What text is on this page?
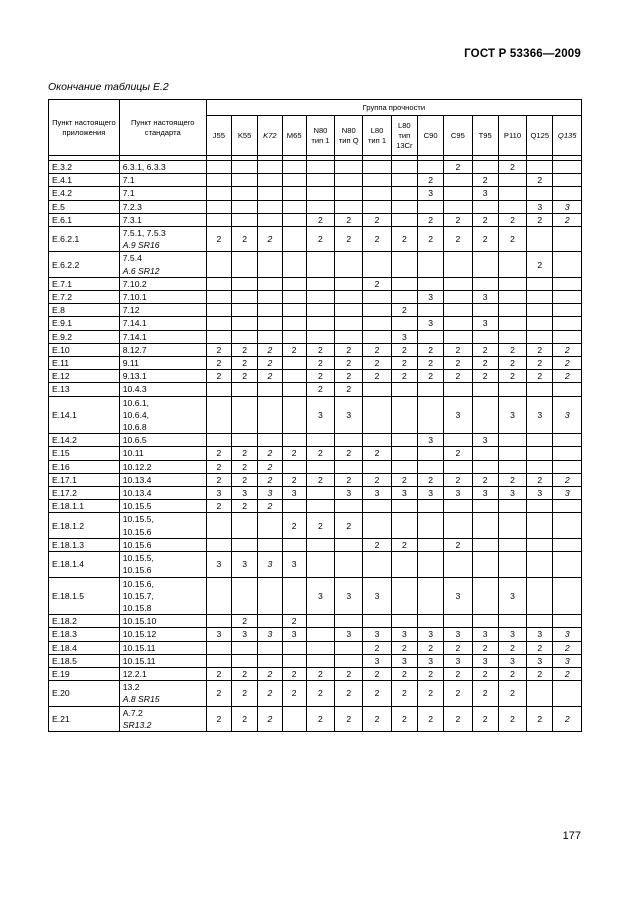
ГОСТ Р 53366—2009
Окончание таблицы Е.2
Пункт настоящего приложения	Пункт настоящего стандарта	Группа прочности													
		J55	K55	K72	M65	N80 тип 1	N80 тип Q	L80 тип 1	L80 тип 13Cr	C90	C95	T95	P110	Q125	Q135

E.3.2	6.3.1, 6.3.3										2		2		
E.4.1	7.1									2		2		2	
E.4.2	7.1									3		3			
E.5	7.2.3													3	3
E.6.1	7.3.1					2	2	2		2	2	2	2	2	2
E.6.2.1	7.5.1, 7.5.3
A.9 SR16	2	2	2		2	2	2	2	2	2	2	2		
E.6.2.2	7.5.4
A.6 SR12													2	
E.7.1	7.10.2							2							
E.7.2	7.10.1									3		3			
E.8	7.12								2						
E.9.1	7.14.1									3		3			
E.9.2	7.14.1								3						
E.10	8.12.7	2	2	2	2	2	2	2	2	2	2	2	2	2	2
E.11	9.11	2	2	2		2	2	2	2	2	2	2	2	2	2
E.12	9.13.1	2	2	2		2	2	2	2	2	2	2	2	2	2
E.13	10.4.3					2	2								
E.14.1	10.6.1,
10.6.4,
10.6.8					3	3				3		3	3	3
E.14.2	10.6.5									3		3			
E.15	10.11	2	2	2	2	2	2	2			2				
E.16	10.12.2	2	2	2											
E.17.1	10.13.4	2	2	2	2	2	2	2	2	2	2	2	2	2	2
E.17.2	10.13.4	3	3	3	3		3	3	3	3	3	3	3	3	3
E.18.1.1	10.15.5	2	2	2											
E.18.1.2	10.15.5,
10.15.6				2	2	2								
E.18.1.3	10.15.6							2	2		2				
E.18.1.4	10.15.5,
10.15.6	3	3	3	3										
E.18.1.5	10.15.6,
10.15.7,
10.15.8					3	3	3			3		3		
E.18.2	10.15.10		2		2										
E.18.3	10.15.12	3	3	3	3		3	3	3	3	3	3	3	3	3
E.18.4	10.15.11							2	2	2	2	2	2	2	2
E.18.5	10.15.11							3	3	3	3	3	3	3	3
E.19	12.2.1	2	2	2	2	2	2	2	2	2	2	2	2	2	2
E.20	13.2
A.8 SR15	2	2	2	2	2	2	2	2	2	2	2	2		
E.21	A.7.2
SR13.2	2	2	2		2	2	2	2	2	2	2	2	2	2
177
